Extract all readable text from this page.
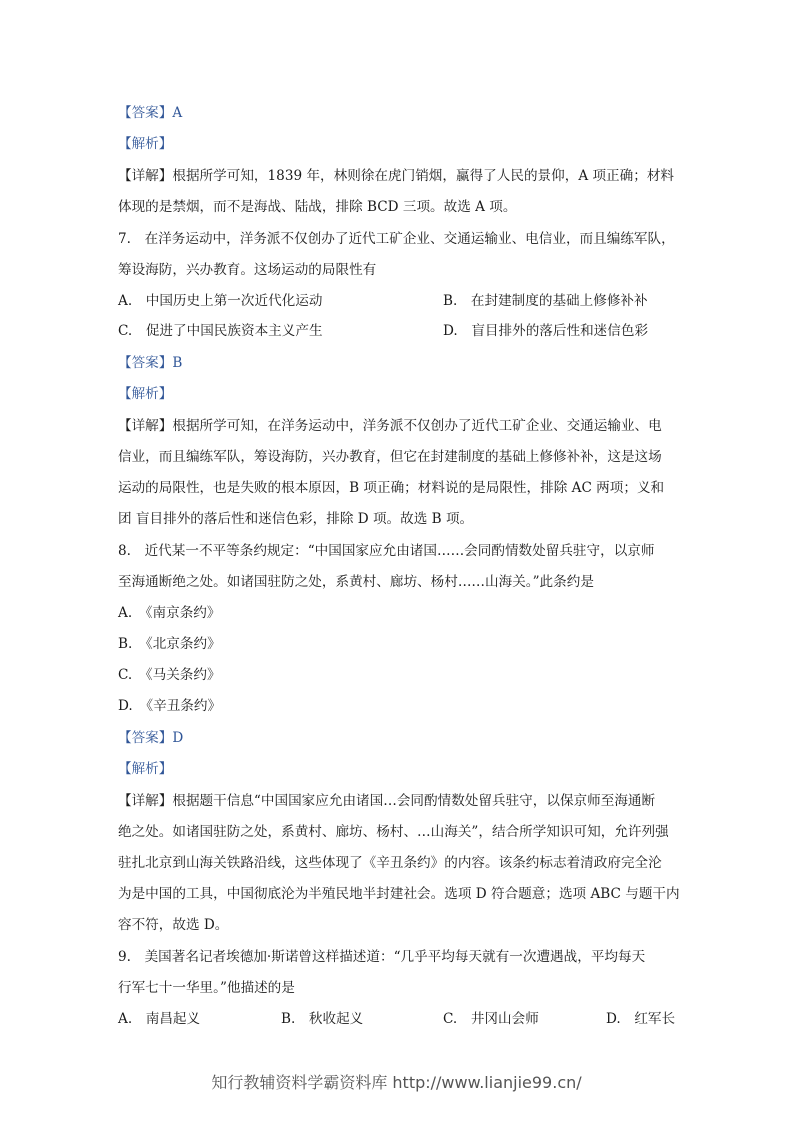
【答案】A
【解析】
【详解】根据所学可知，1839 年，林则徐在虎门销烟，赢得了人民的景仰，A 项正确；材料
体现的是禁烟，而不是海战、陆战，排除 BCD 三项。故选 A 项。
7.　在洋务运动中，洋务派不仅创办了近代工矿企业、交通运输业、电信业，而且编练军队，
筹设海防，兴办教育。这场运动的局限性有
A.　中国历史上第一次近代化运动	B.　在封建制度的基础上修修补补
C.　促进了中国民族资本主义产生	D.　盲目排外的落后性和迷信色彩
【答案】B
【解析】
【详解】根据所学可知，在洋务运动中，洋务派不仅创办了近代工矿企业、交通运输业、电
信业，而且编练军队，筹设海防，兴办教育，但它在封建制度的基础上修修补补，这是这场
运动的局限性，也是失败的根本原因，B 项正确；材料说的是局限性，排除 AC 两项；义和
团 盲目排外的落后性和迷信色彩，排除 D 项。故选 B 项。
8.　近代某一不平等条约规定：“中国国家应允由诸国……会同酌情数处留兵驻守，以京师
至海通断绝之处。如诸国驻防之处，系黄村、廊坊、杨村……山海关。”此条约是
A.　《南京条约》
B.　《北京条约》
C.　《马关条约》
D.　《辛丑条约》
【答案】D
【解析】
【详解】根据题干信息“中国国家应允由诸国…会同酌情数处留兵驻守，以保京师至海通断
绝之处。如诸国驻防之处，系黄村、廊坊、杨村、…山海关”，结合所学知识可知，允许列强
驻扎北京到山海关铁路沿线，这些体现了《辛丑条约》的内容。该条约标志着清政府完全沦
为是中国的工具，中国彻底沦为半殖民地半封建社会。选项 D 符合题意；选项 ABC 与题干内
容不符，故选 D。
9.　美国著名记者埃德加·斯诺曾这样描述道：“几乎平均每天就有一次遭遇战，平均每天
行军七十一华里。”他描述的是
A.　南昌起义	B.　秋收起义	C.　井冈山会师	D.　红军长
知行教辅资料学霸资料库 http://www.lianjie99.cn/
